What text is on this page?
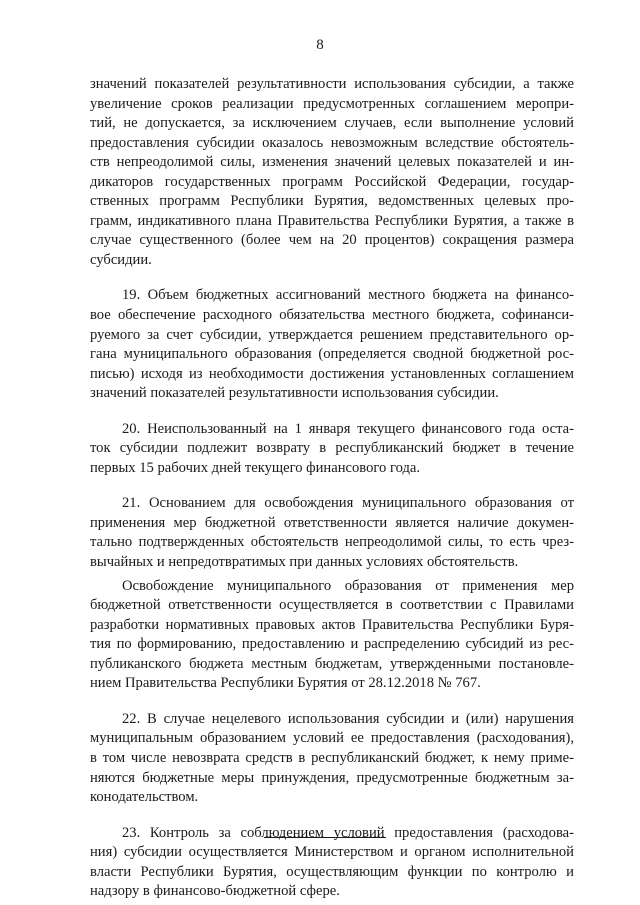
8
значений показателей результативности использования субсидии, а также
увеличение сроков реализации предусмотренных соглашением меропри-
тий, не допускается, за исключением случаев, если выполнение условий
предоставления субсидии оказалось невозможным вследствие обстоятель-
ств непреодолимой силы, изменения значений целевых показателей и ин-
дикаторов государственных программ Российской Федерации, государ-
ственных программ Республики Бурятия, ведомственных целевых про-
грамм, индикативного плана Правительства Республики Бурятия, а также в
случае существенного (более чем на 20 процентов) сокращения размера
субсидии.
19. Объем бюджетных ассигнований местного бюджета на финансо-
вое обеспечение расходного обязательства местного бюджета, софинанси-
руемого за счет субсидии, утверждается решением представительного ор-
гана муниципального образования (определяется сводной бюджетной рос-
писью) исходя из необходимости достижения установленных соглашением
значений показателей результативности использования субсидии.
20. Неиспользованный на 1 января текущего финансового года оста-
ток субсидии подлежит возврату в республиканский бюджет в течение
первых 15 рабочих дней текущего финансового года.
21. Основанием для освобождения муниципального образования от
применения мер бюджетной ответственности является наличие докумен-
тально подтвержденных обстоятельств непреодолимой силы, то есть чрез-
вычайных и непредотвратимых при данных условиях обстоятельств.
Освобождение муниципального образования от применения мер
бюджетной ответственности осуществляется в соответствии с Правилами
разработки нормативных правовых актов Правительства Республики Буря-
тия по формированию, предоставлению и распределению субсидий из рес-
публиканского бюджета местным бюджетам, утвержденными постановле-
нием Правительства Республики Бурятия от 28.12.2018 № 767.
22. В случае нецелевого использования субсидии и (или) нарушения
муниципальным образованием условий ее предоставления (расходования),
в том числе невозврата средств в республиканский бюджет, к нему приме-
няются бюджетные меры принуждения, предусмотренные бюджетным за-
конодательством.
23. Контроль за соблюдением условий предоставления (расходова-
ния) субсидии осуществляется Министерством и органом исполнительной
власти Республики Бурятия, осуществляющим функции по контролю и
надзору в финансово-бюджетной сфере.
